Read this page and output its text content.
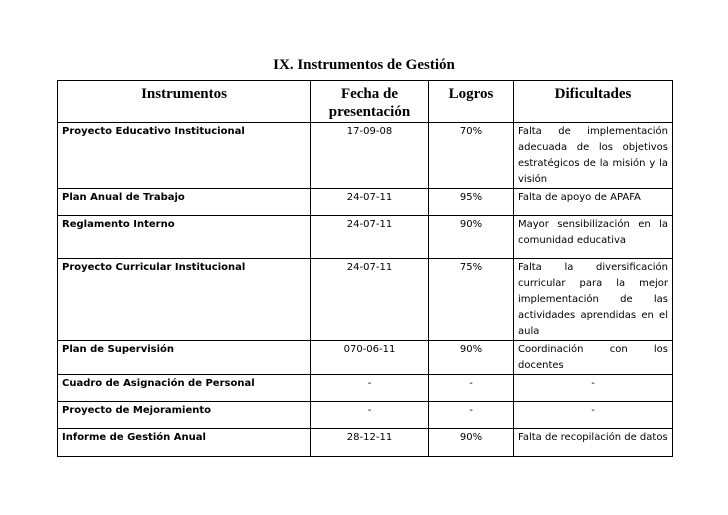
IX. Instrumentos de Gestión
Instrumentos	Fecha de presentación	Logros	Dificultades
Proyecto Educativo Institucional	17-09-08	70%	Falta de implementación adecuada de los objetivos estratégicos de la misión y la visión
Plan Anual de Trabajo	24-07-11	95%	Falta de apoyo de APAFA
Reglamento Interno	24-07-11	90%	Mayor sensibilización en la comunidad educativa
Proyecto Curricular Institucional	24-07-11	75%	Falta la diversificación curricular para la mejor implementación de las actividades aprendidas en el aula
Plan de Supervisión	070-06-11	90%	Coordinación con los docentes
Cuadro de Asignación de Personal	-	-	-
Proyecto de Mejoramiento	-	-	-
Informe de Gestión Anual	28-12-11	90%	Falta de recopilación de datos
